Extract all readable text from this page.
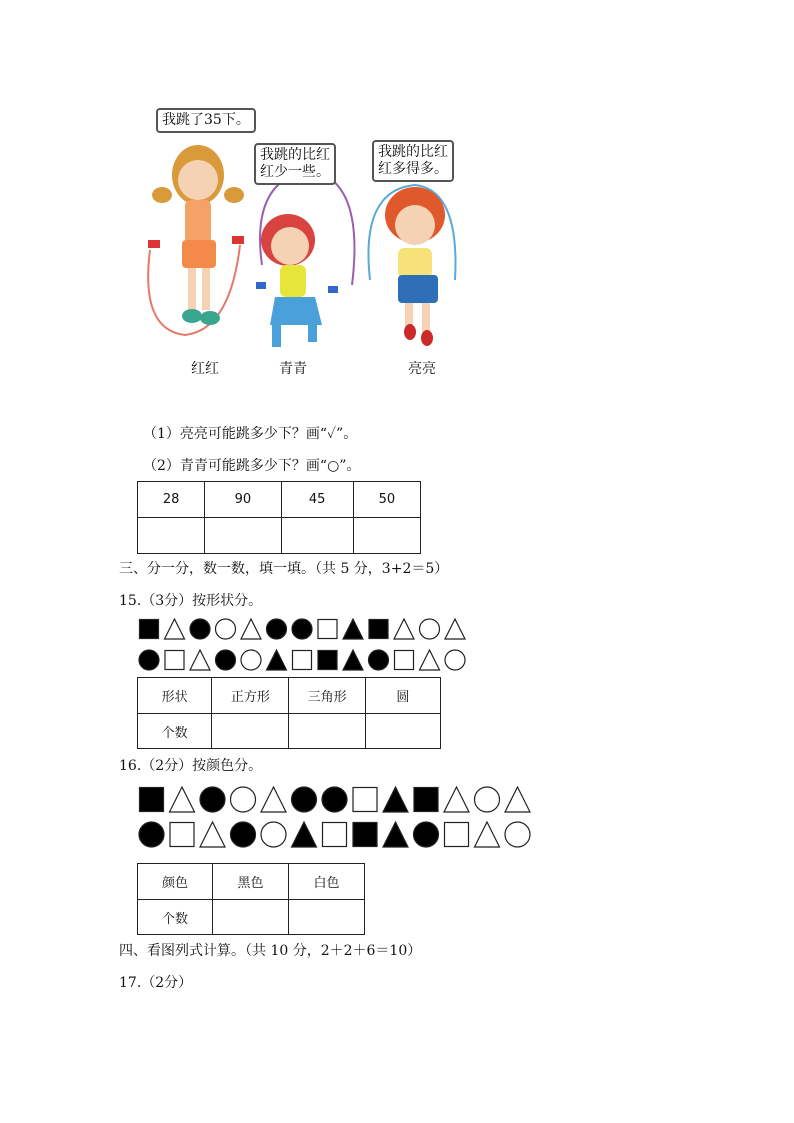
我跳了35下。
我跳的比红
红少一些。
我跳的比红
红多得多。
红红	青青	亮亮
（1）亮亮可能跳多少下？画“✓”。
（2）青青可能跳多少下？画“○”。
28	90	45	50

三、分一分，数一数，填一填。（共 5 分，3+2＝5）
15.（3分）按形状分。
形状	正方形	三角形	圆
个数			
16.（2分）按颜色分。
颜色	黑色	白色
个数		
四、看图列式计算。（共 10 分，2＋2＋6＝10）
17.（2分）
